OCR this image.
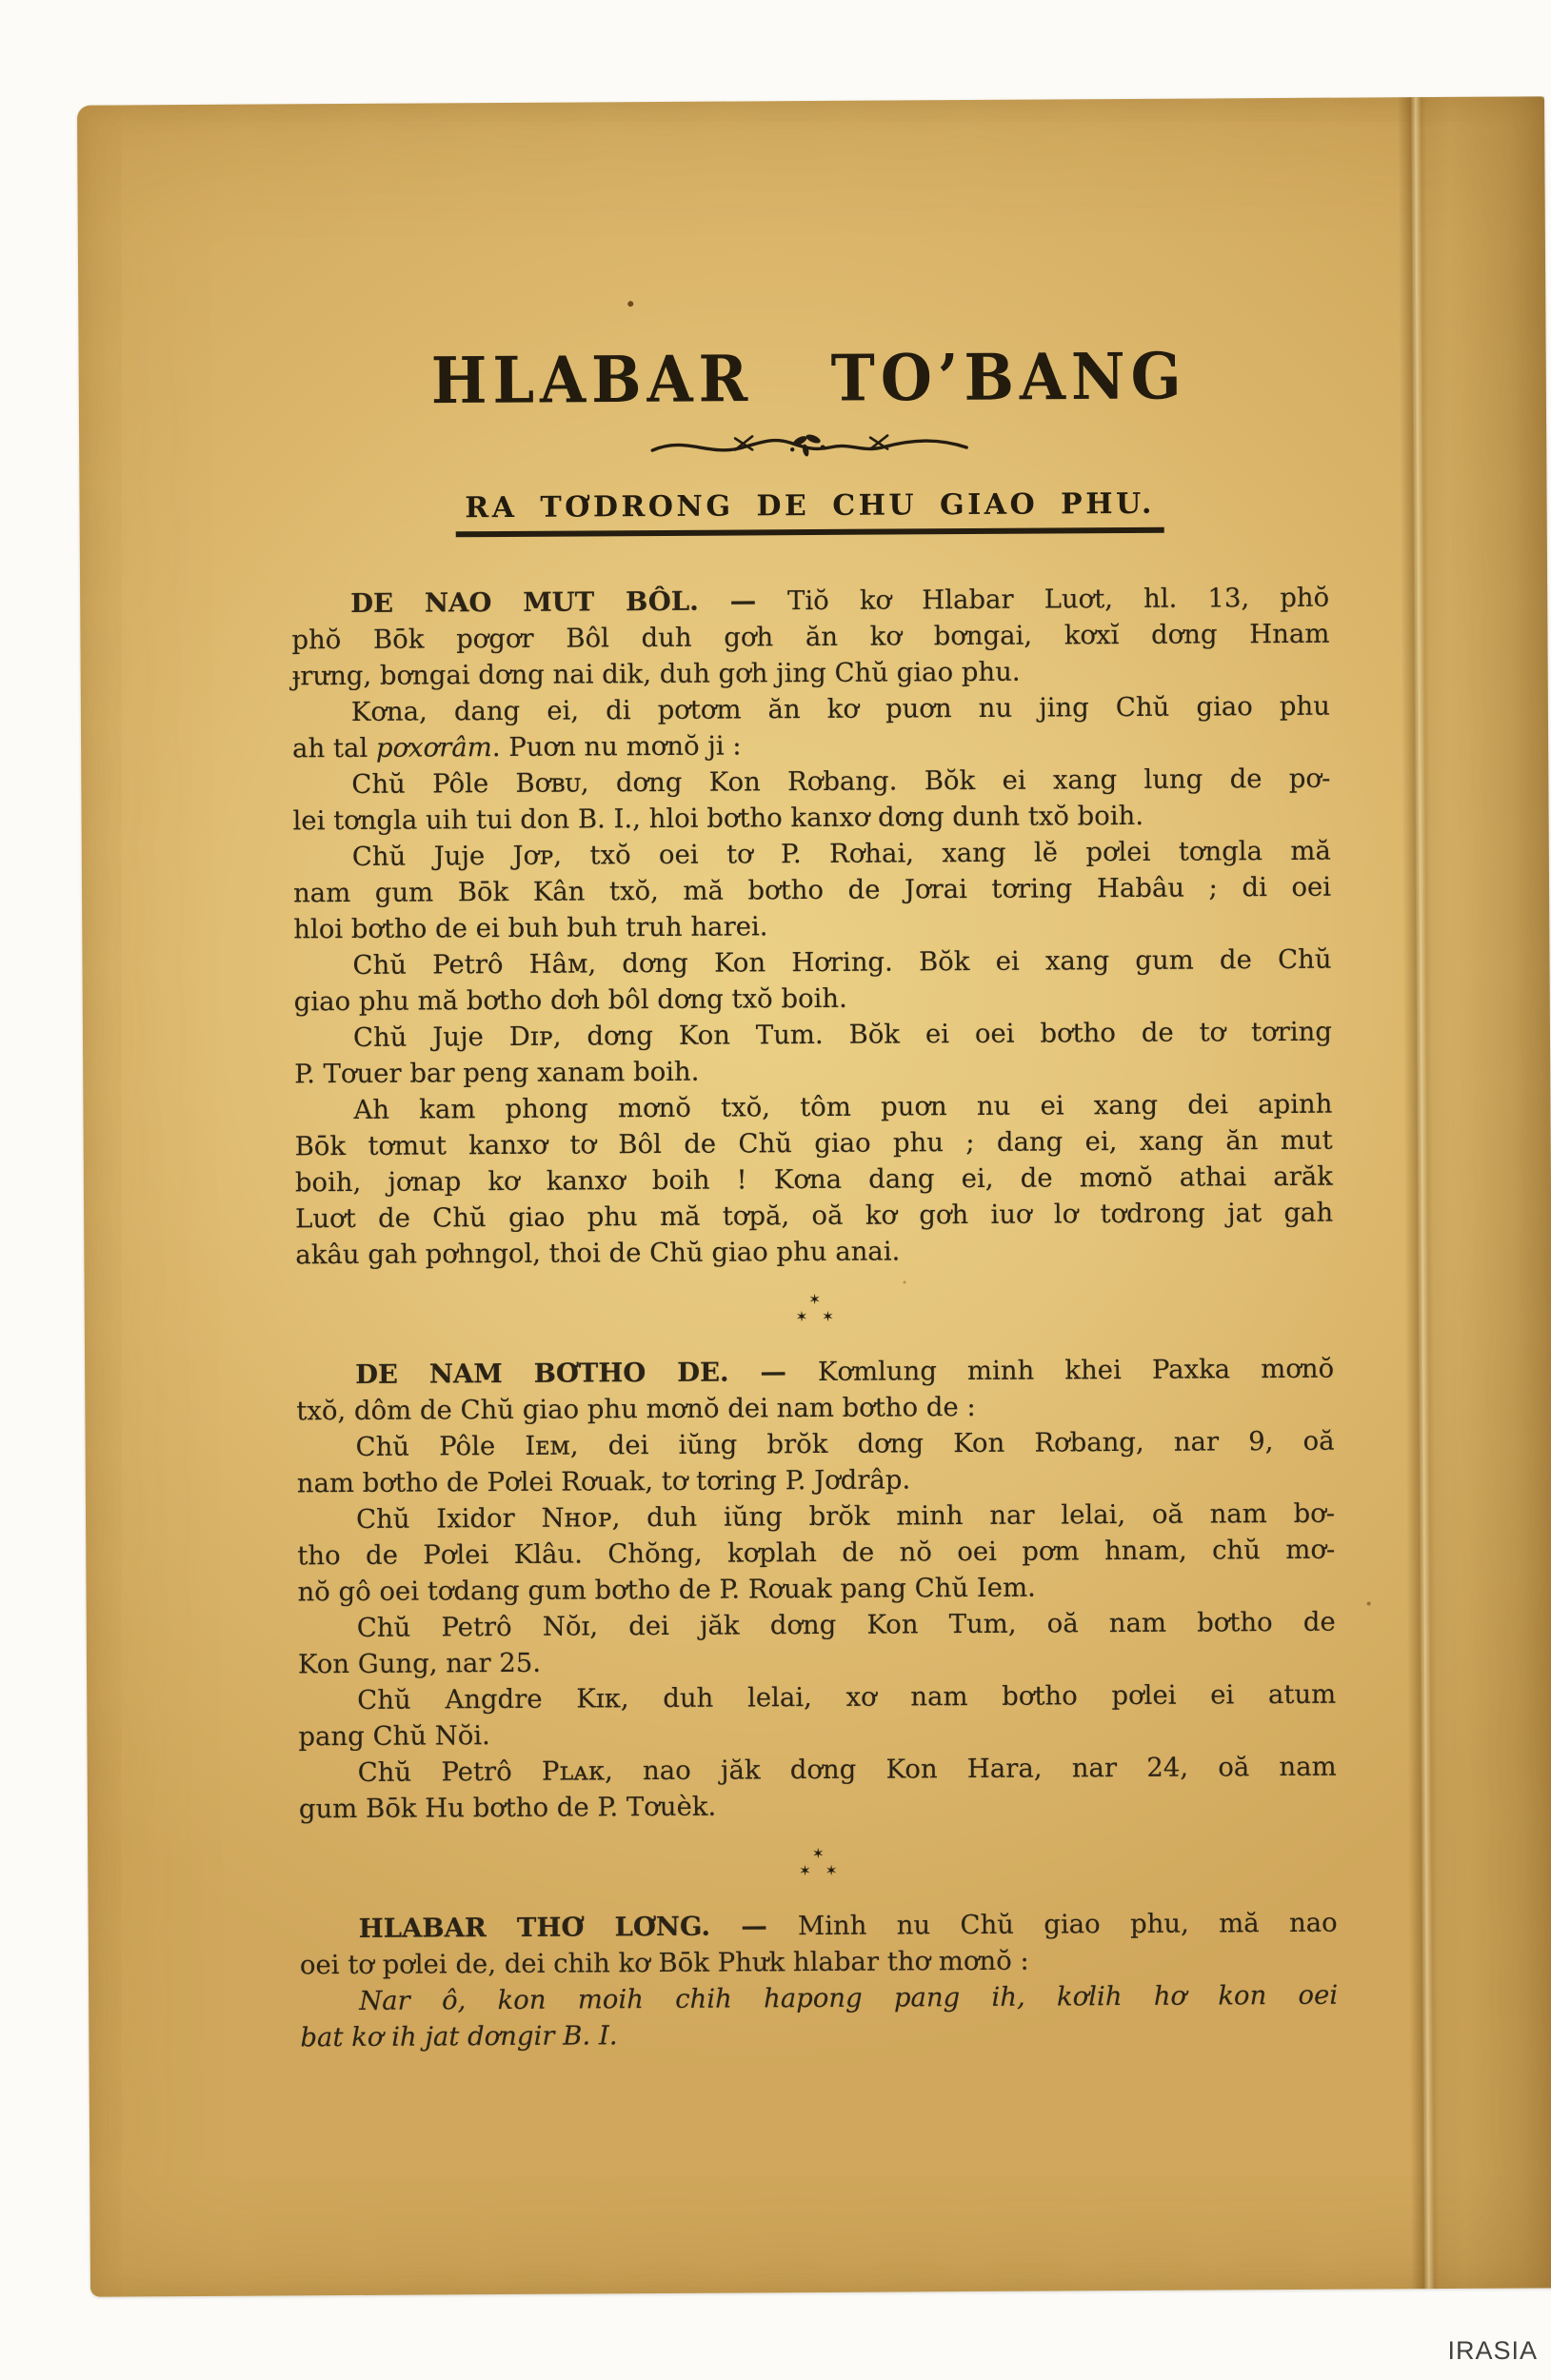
HLABAR TO’BANG
RA TƠDRONG DE CHU GIAO PHU.
DE NAO MUT BÔL. — Tiŏ kơ Hlabar Luơt, hl. 13, phŏ
phŏ Bōk pơgơr Bôl duh gơh ăn kơ bơngai, kơxĭ dơng Hnam
ɟrưng, bơngai dơng nai dik, duh gơh jing Chŭ giao phu.
Kơna, dang ei, di pơtơm ăn kơ puơn nu jing Chŭ giao phu
ah tal pơxơrâm. Puơn nu mơnŏ ji :
Chŭ Pôle Bơʙᴜ, dơng Kon Rơbang. Bŏk ei xang lung de pơ-
lei tơngla uih tui don B. I., hloi bơtho kanxơ dơng dunh txŏ boih.
Chŭ Juje Jơᴘ, txŏ oei tơ P. Rơhai, xang lĕ pơlei tơngla mă
nam gum Bōk Kân txŏ, mă bơtho de Jơrai tơring Habâu ; di oei
hloi bơtho de ei buh buh truh harei.
Chŭ Petrô Hâᴍ, dơng Kon Hơring. Bŏk ei xang gum de Chŭ
giao phu mă bơtho dơh bôl dơng txŏ boih.
Chŭ Juje Dɪᴘ, dơng Kon Tum. Bŏk ei oei bơtho de tơ tơring
P. Tơuer bar peng xanam boih.
Ah kam phong mơnŏ txŏ, tôm puơn nu ei xang dei apinh
Bōk tơmut kanxơ tơ Bôl de Chŭ giao phu ; dang ei, xang ăn mut
boih, jơnap kơ kanxơ boih ! Kơna dang ei, de mơnŏ athai arăk
Luơt de Chŭ giao phu mă tơpă, oă kơ gơh iuơ lơ tơdrong jat gah
akâu gah pơhngol, thoi de Chŭ giao phu anai.
✶
✶ ✶
DE NAM BƠTHO DE. — Kơmlung minh khei Paxka mơnŏ
txŏ, dôm de Chŭ giao phu mơnŏ dei nam bơtho de :
Chŭ Pôle Iᴇᴍ, dei iŭng brŏk dơng Kon Rơbang, nar 9, oă
nam bơtho de Pơlei Rơuak, tơ tơring P. Jơdrâp.
Chŭ Ixidor Nʜᴏᴘ, duh iŭng brŏk minh nar lelai, oă nam bơ-
tho de Pơlei Klâu. Chŏng, kơplah de nŏ oei pơm hnam, chŭ mơ-
nŏ gô oei tơdang gum bơtho de P. Rơuak pang Chŭ Iem.
Chŭ Petrô Nŏɪ, dei jăk dơng Kon Tum, oă nam bơtho de
Kon Gung, nar 25.
Chŭ Angdre Kɪᴋ, duh lelai, xơ nam bơtho pơlei ei atum
pang Chŭ Nŏi.
Chŭ Petrô Pʟᴀᴋ, nao jăk dơng Kon Hara, nar 24, oă nam
gum Bōk Hu bơtho de P. Tơuèk.
✶
✶ ✶
HLABAR THƠ LƠNG. — Minh nu Chŭ giao phu, mă nao
oei tơ pơlei de, dei chih kơ Bōk Phưk hlabar thơ mơnŏ :
Nar ô, kon moih chih hapong pang ih, kơlih hơ kon oei
bat kơ ih jat dơngir B. I.
IRASIA
